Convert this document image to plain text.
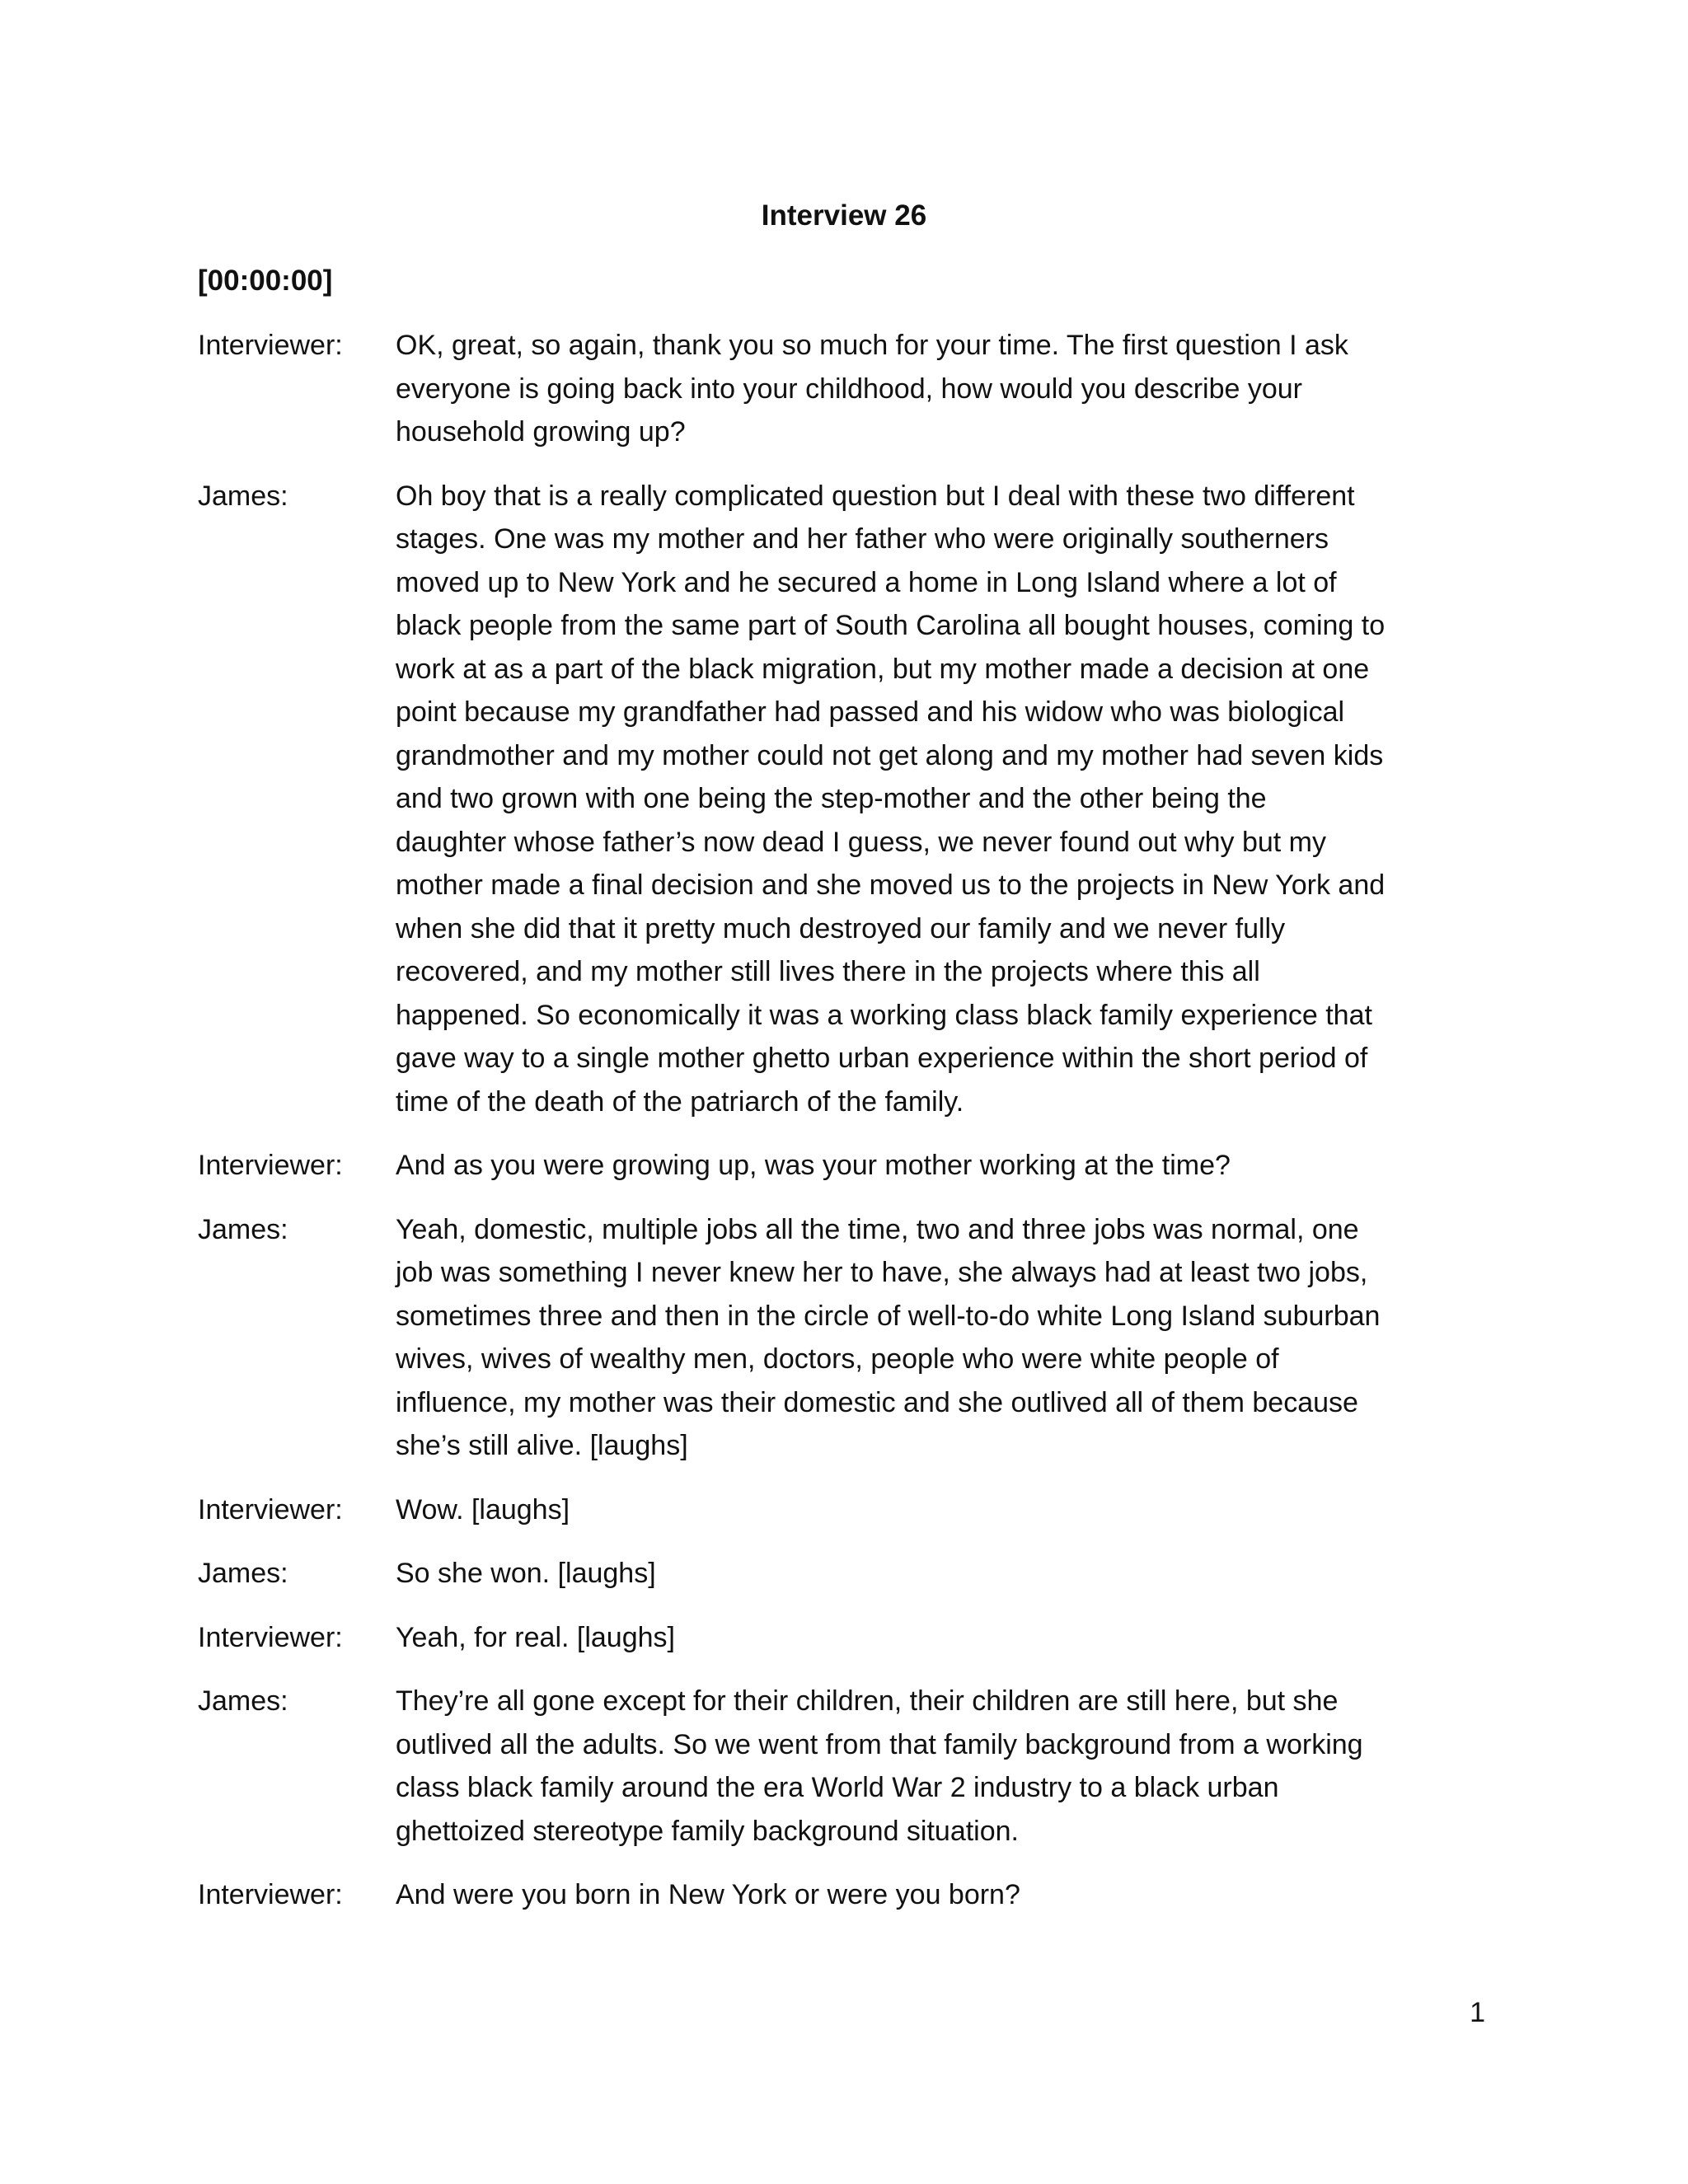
Interview 26
[00:00:00]
Interviewer:	OK, great, so again, thank you so much for your time. The first question I ask
everyone is going back into your childhood, how would you describe your
household growing up?
James:	Oh boy that is a really complicated question but I deal with these two different
stages. One was my mother and her father who were originally southerners
moved up to New York and he secured a home in Long Island where a lot of
black people from the same part of South Carolina all bought houses, coming to
work at as a part of the black migration, but my mother made a decision at one
point because my grandfather had passed and his widow who was biological
grandmother and my mother could not get along and my mother had seven kids
and two grown with one being the step-mother and the other being the
daughter whose father’s now dead I guess, we never found out why but my
mother made a final decision and she moved us to the projects in New York and
when she did that it pretty much destroyed our family and we never fully
recovered, and my mother still lives there in the projects where this all
happened. So economically it was a working class black family experience that
gave way to a single mother ghetto urban experience within the short period of
time of the death of the patriarch of the family.
Interviewer:	And as you were growing up, was your mother working at the time?
James:	Yeah, domestic, multiple jobs all the time, two and three jobs was normal, one
job was something I never knew her to have, she always had at least two jobs,
sometimes three and then in the circle of well-to-do white Long Island suburban
wives, wives of wealthy men, doctors, people who were white people of
influence, my mother was their domestic and she outlived all of them because
she’s still alive. [laughs]
Interviewer:	Wow. [laughs]
James:	So she won. [laughs]
Interviewer:	Yeah, for real. [laughs]
James:	They’re all gone except for their children, their children are still here, but she
outlived all the adults. So we went from that family background from a working
class black family around the era World War 2 industry to a black urban
ghettoized stereotype family background situation.
Interviewer:	And were you born in New York or were you born?
1
